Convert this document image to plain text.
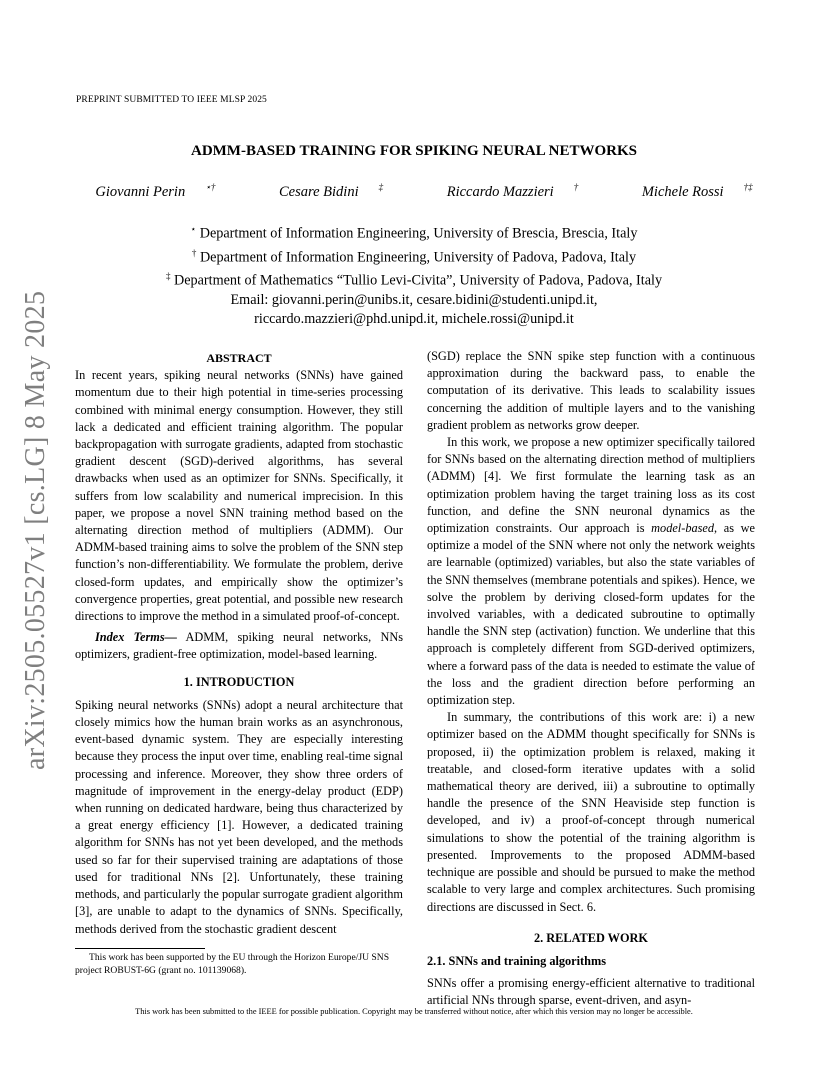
PREPRINT SUBMITTED TO IEEE MLSP 2025
ADMM-BASED TRAINING FOR SPIKING NEURAL NETWORKS
Giovanni Perin ⋆†	Cesare Bidini ‡	Riccardo Mazzieri †	Michele Rossi †‡
⋆ Department of Information Engineering, University of Brescia, Brescia, Italy
† Department of Information Engineering, University of Padova, Padova, Italy
‡ Department of Mathematics “Tullio Levi-Civita”, University of Padova, Padova, Italy
Email: giovanni.perin@unibs.it, cesare.bidini@studenti.unipd.it,
riccardo.mazzieri@phd.unipd.it, michele.rossi@unipd.it
arXiv:2505.05527v1 [cs.LG] 8 May 2025	ABSTRACT

In recent years, spiking neural networks (SNNs) have gained momentum due to their high potential in time-series processing combined with minimal energy consumption. However, they still lack a dedicated and efficient training algorithm. The popular backpropagation with surrogate gradients, adapted from stochastic gradient descent (SGD)-derived algorithms, has several drawbacks when used as an optimizer for SNNs. Specifically, it suffers from low scalability and numerical imprecision. In this paper, we propose a novel SNN training method based on the alternating direction method of multipliers (ADMM). Our ADMM-based training aims to solve the problem of the SNN step function’s non-differentiability. We formulate the problem, derive closed-form updates, and empirically show the optimizer’s convergence properties, great potential, and possible new research directions to improve the method in a simulated proof-of-concept.

Index Terms— ADMM, spiking neural networks, NNs optimizers, gradient-free optimization, model-based learning.

1. INTRODUCTION

Spiking neural networks (SNNs) adopt a neural architecture that closely mimics how the human brain works as an asynchronous, event-based dynamic system. They are especially interesting because they process the input over time, enabling real-time signal processing and inference. Moreover, they show three orders of magnitude of improvement in the energy-delay product (EDP) when running on dedicated hardware, being thus characterized by a great energy efficiency [1]. However, a dedicated training algorithm for SNNs has not yet been developed, and the methods used so far for their supervised training are adaptations of those used for traditional NNs [2]. Unfortunately, these training methods, and particularly the popular surrogate gradient algorithm [3], are unable to adapt to the dynamics of SNNs. Specifically, methods derived from the stochastic gradient descent

(SGD) replace the SNN spike step function with a continuous approximation during the backward pass, to enable the computation of its derivative. This leads to scalability issues concerning the addition of multiple layers and to the vanishing gradient problem as networks grow deeper.

In this work, we propose a new optimizer specifically tailored for SNNs based on the alternating direction method of multipliers (ADMM) [4]. We first formulate the learning task as an optimization problem having the target training loss as its cost function, and define the SNN neuronal dynamics as the optimization constraints. Our approach is model-based, as we optimize a model of the SNN where not only the network weights are learnable (optimized) variables, but also the state variables of the SNN themselves (membrane potentials and spikes). Hence, we solve the problem by deriving closed-form updates for the involved variables, with a dedicated subroutine to optimally handle the SNN step (activation) function. We underline that this approach is completely different from SGD-derived optimizers, where a forward pass of the data is needed to estimate the value of the loss and the gradient direction before performing an optimization step.

In summary, the contributions of this work are: i) a new optimizer based on the ADMM thought specifically for SNNs is proposed, ii) the optimization problem is relaxed, making it treatable, and closed-form iterative updates with a solid mathematical theory are derived, iii) a subroutine to optimally handle the presence of the SNN Heaviside step function is developed, and iv) a proof-of-concept through numerical simulations to show the potential of the training algorithm is presented. Improvements to the proposed ADMM-based technique are possible and should be pursued to make the method scalable to very large and complex architectures. Such promising directions are discussed in Sect. 6.

2. RELATED WORK

2.1. SNNs and training algorithms

SNNs offer a promising energy-efficient alternative to traditional artificial NNs through sparse, event-driven, and asyn-

This work has been supported by the EU through the Horizon Europe/JU SNS project ROBUST-6G (grant no. 101139068).
This work has been submitted to the IEEE for possible publication. Copyright may be transferred without notice, after which this version may no longer be accessible.
